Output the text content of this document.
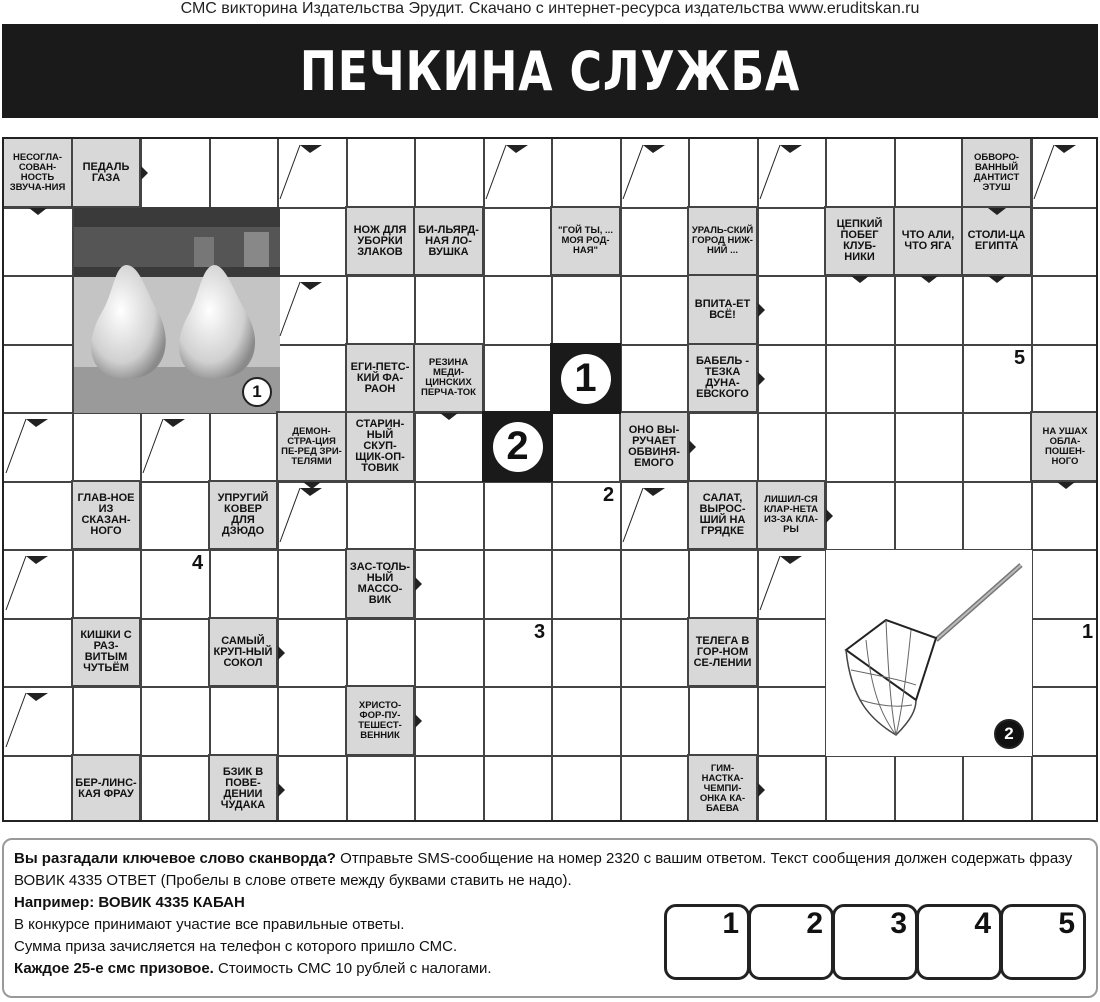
СМС викторина Издательства Эрудит. Скачано с интернет-ресурса издательства www.eruditskan.ru
ПЕЧКИНА СЛУЖБА
1
2
НЕСОГЛА-СОВАН-НОСТЬ ЗВУЧА-НИЯ
ПЕДАЛЬ ГАЗА
ОБВОРО-ВАННЫЙ ДАНТИСТ ЭТУШ
НОЖ ДЛЯ УБОРКИ ЗЛАКОВ
БИ-ЛЬЯРД-НАЯ ЛО-ВУШКА
"ГОЙ ТЫ, ... МОЯ РОД-НАЯ"
УРАЛЬ-СКИЙ ГОРОД НИЖ-НИЙ ...
ЦЕПКИЙ ПОБЕГ КЛУБ-НИКИ
ЧТО АЛИ, ЧТО ЯГА
СТОЛИ-ЦА ЕГИПТА
ВПИТА-ЕТ ВСЁ!
ЕГИ-ПЕТС-КИЙ ФА-РАОН
РЕЗИНА МЕДИ-ЦИНСКИХ ПЕРЧА-ТОК
БАБЕЛЬ - ТЕЗКА ДУНА-ЕВСКОГО
ДЕМОН-СТРА-ЦИЯ ПЕ-РЕД ЗРИ-ТЕЛЯМИ
СТАРИН-НЫЙ СКУП-ЩИК-ОП-ТОВИК
ОНО ВЫ-РУЧАЕТ ОБВИНЯ-ЕМОГО
НА УШАХ ОБЛА-ПОШЕН-НОГО
ГЛАВ-НОЕ ИЗ СКАЗАН-НОГО
УПРУГИЙ КОВЕР ДЛЯ ДЗЮДО
САЛАТ, ВЫРОС-ШИЙ НА ГРЯДКЕ
ЛИШИЛ-СЯ КЛАР-НЕТА ИЗ-ЗА КЛА-РЫ
ЗАС-ТОЛЬ-НЫЙ МАССО-ВИК
КИШКИ С РАЗ-ВИТЫМ ЧУТЬЁМ
САМЫЙ КРУП-НЫЙ СОКОЛ
ТЕЛЕГА В ГОР-НОМ СЕ-ЛЕНИИ
ХРИСТО-ФОР-ПУ-ТЕШЕСТ-ВЕННИК
БЕР-ЛИНС-КАЯ ФРАУ
БЗИК В ПОВЕ-ДЕНИИ ЧУДАКА
ГИМ-НАСТКА-ЧЕМПИ-ОНКА КА-БАЕВА
1
2
1
2
3
4
5

Вы разгадали ключевое слово сканворда? Отправьте SMS-сообщение на номер 2320 с вашим ответом. Текст сообщения должен содержать фразу ВОВИК 4335 ОТВЕТ (Пробелы в слове ответе между буквами ставить не надо).

Например: ВОВИК 4335 КАБАН

В конкурсе принимают участие все правильные ответы.

Сумма приза зачисляется на телефон с которого пришло СМС.

Каждое 25-е смс призовое. Стоимость СМС 10 рублей с налогами.

1 2 3 4 5
